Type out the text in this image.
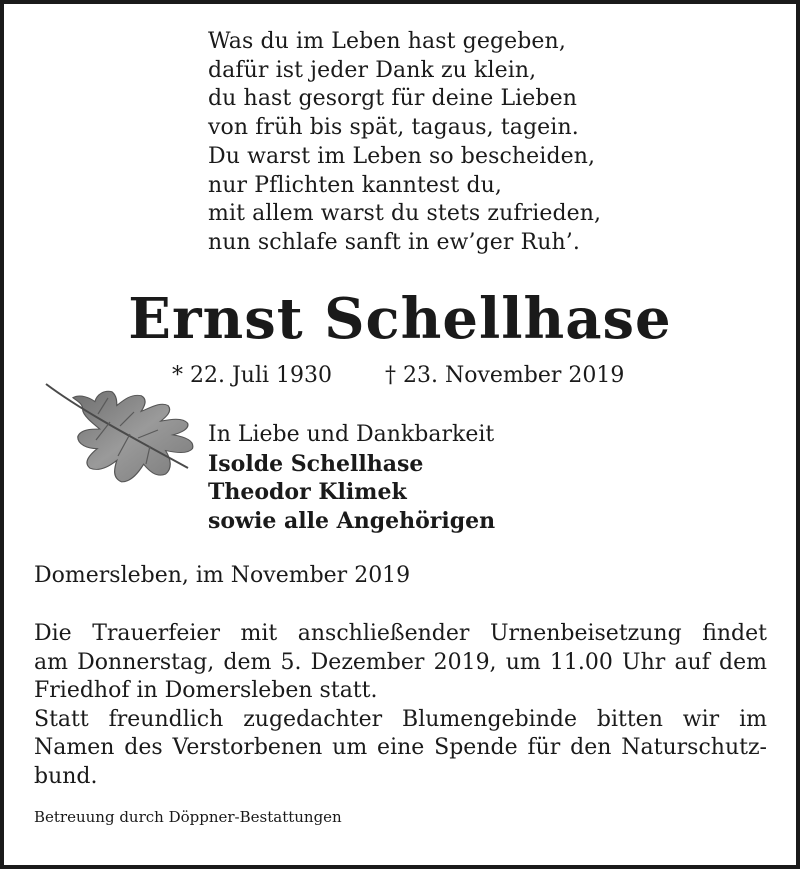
Was du im Leben hast gegeben,
dafür ist jeder Dank zu klein,
du hast gesorgt für deine Lieben
von früh bis spät, tagaus, tagein.
Du warst im Leben so bescheiden,
nur Pflichten kanntest du,
mit allem warst du stets zufrieden,
nun schlafe sanft in ew’ger Ruh’.
Ernst Schellhase
* 22. Juli 1930 † 23. November 2019
In Liebe und Dankbarkeit
Isolde Schellhase
Theodor Klimek
sowie alle Angehörigen
Domersleben, im November 2019
Die Trauerfeier mit anschließender Urnenbeisetzung findet
am Donnerstag, dem 5. Dezember 2019, um 11.00 Uhr auf dem
Friedhof in Domersleben statt.
Statt freundlich zugedachter Blumengebinde bitten wir im
Namen des Verstorbenen um eine Spende für den Naturschutz-
bund.
Betreuung durch Döppner-Bestattungen
